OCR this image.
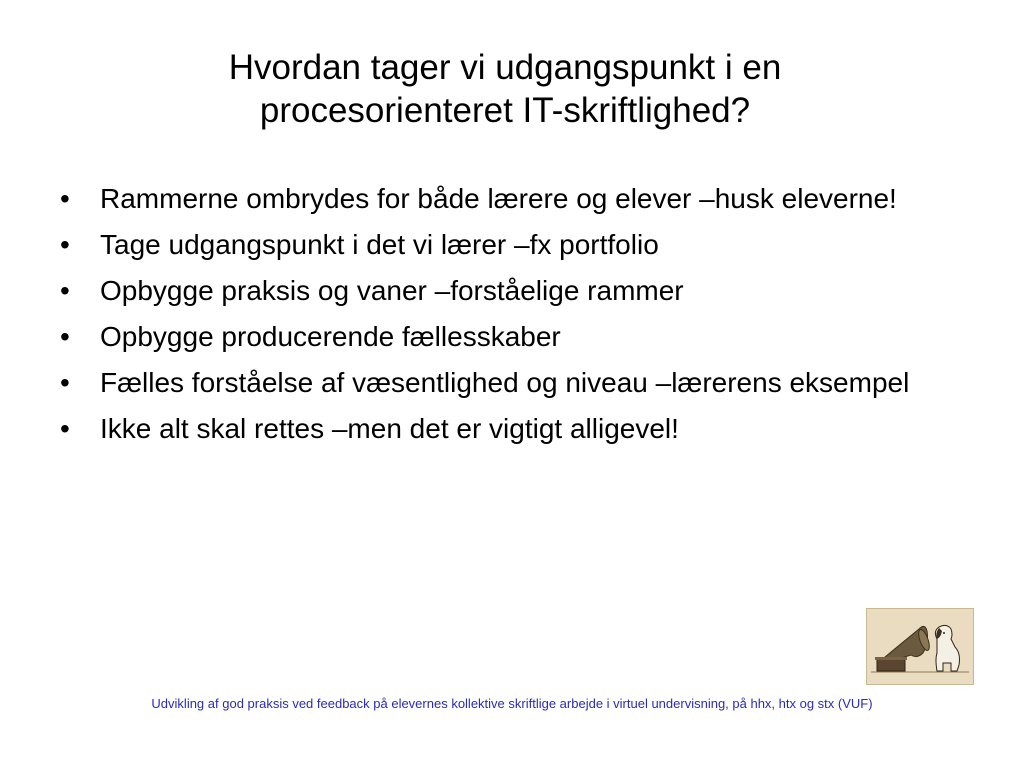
Hvordan tager vi udgangspunkt i en
procesorienteret IT-skriftlighed?
•	Rammerne ombrydes for både lærere og elever –husk eleverne!
•	Tage udgangspunkt i det vi lærer –fx portfolio
•	Opbygge praksis og vaner –forståelige rammer
•	Opbygge producerende fællesskaber
•	Fælles forståelse af væsentlighed og niveau –lærerens eksempel
•	Ikke alt skal rettes –men det er vigtigt alligevel!
Udvikling af god praksis ved feedback på elevernes kollektive skriftlige arbejde i virtuel undervisning, på hhx, htx og stx (VUF)
